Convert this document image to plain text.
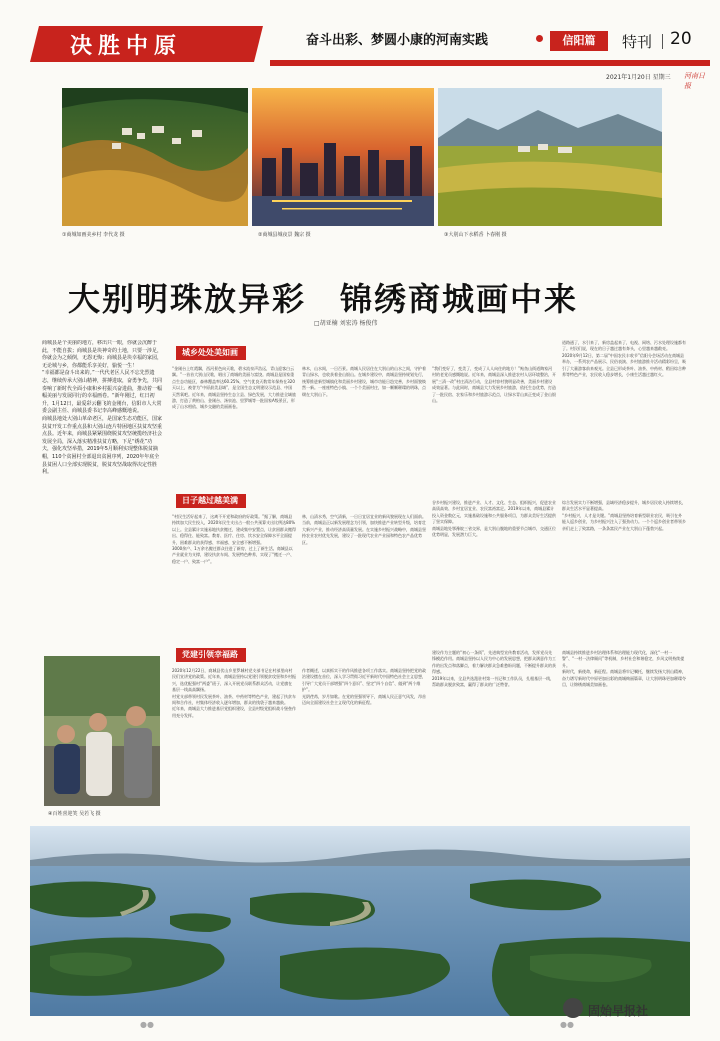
决胜中原	奋斗出彩、梦圆小康的河南实践	信阳篇	特刊 20
2021年1月20日 星期三 河南日报
①商城如画美乡村 李代龙 摄	②商城县城夜景 魏宗 摄	③大别山下水稻香 卜春刚 摄
大别明珠放异彩　锦绣商城画中来
□胡亚楠 刘宏涛 杨俊伟
商城县是个美丽的地方，移出只一眼，你就会沉醉于此，不能自拔；商城县是块神奇的土地，只要一涉足，你就会为之倾倒，无怨无悔；商城县是块幸福的家园，无论城与乡，你都能乐享美好，愉悦一生！
“幸福都是奋斗出来的。”一代代老区人民不忘先烈遗志，继续传承大别山精神，拼搏进取，奋勇争先，共同奏响了新时代全面小康和乡村振兴奋进曲，推动着一幅幅美丽与发展同行的幸福画卷。“新年刚过，红日初升，1月12日，最爱彩云翻飞的金刚台，信阳市人大常委会副主任、商城县委书记李高峰感慨地说。
商城县地处大别山革命老区，是国家生态功能区，国家扶贫开发工作重点县和大别山连片特困地区扶贫攻坚重点县。近年来，商城县紧紧围绕脱贫攻坚统揽经济社会发展全局，深入落实精准扶贫方略，下足“绣花”功夫，强化攻坚举措，2019年5月顺利实现整体脱贫摘帽，110个贫困村全部退出贫困序列，2020年年底全县贫困人口全部实现脱贫，脱贫攻坚战取得决定性胜利。
城乡处处美如画
“金刚台上红霞飘，西河景色向天歌，碧水流泉声浩远，青山迎客白云飘。”一首首大别山民歌，唱出了商城的美丽与富饶。商城县是国家重点生态功能区，森林覆盖率达60.25%，空气优良天数常年保持在320天以上，被誉为“中原最美县域”，是全国生态文明建设示范县、中国天然氧吧。近年来，商城县坚持生态立县、绿色发展，大力推进全域旅游，打造了黄柏山、金刚台、汤泉池、里罗城等一批国家A级景区，形成了山水相依、城乡交融的美丽画卷。
林木，山水间，一日百景。商城人民居住在大别山的山水之间，守护着青山绿水，也收获着金山银山。在城乡建设中，商城县坚持规划先行，统筹推进新型城镇化和美丽乡村建设，城市功能日趋完善，乡村面貌焕然一新。一座座特色小镇、一个个美丽村庄，如一颗颗璀璨的明珠，点缀在大别山下。
“我们变好了，变美了，变成了人人向往的地方！”鲇鱼山街道陶家河村的老党员感慨地说。近年来，商城县深入推进农村人居环境整治，开展“三清一改”村庄清洁行动，全县村容村貌明显改善，美丽乡村建设成效显著。与此同时，商城县大力发展乡村旅游，依托生态优势，打造了一批民宿、农家乐和乡村旅游示范点，让绿水青山真正变成了金山银山。
道路通了，水引来了，新房盖起来了，电视、网络、污水处理设施都有了。村民们说，现在的日子越过越有奔头，心里越来越敞亮。
2020年9月12日，第二届“中国农民丰收节”信阳分会场活动在商城县举办，一系列农产品展示、民俗表演、乡村旅游推介活动精彩纷呈，吸引了大量游客前来观光。全县已形成茶叶、油茶、中药材、稻田综合种养等特色产业，农民收入稳步增长，小康生活越过越红火。
日子越过越美满
“村民生活好起来了，这离不开党和政府的好政策。”据了解，商城县持续加大民生投入，2020年民生支出占一般公共预算支出比例达80%以上。全县累计实施易地扶贫搬迁，建成集中安置点，让贫困群众搬得出、稳得住、能致富。教育、医疗、住房、饮水安全保障水平全面提升，困难群众的获得感、幸福感、安全感不断增强。
3000余户、1万余名搬迁群众住进了新房，过上了新生活。商城县以产业就业为支撑，建设扶贫车间、发展特色种养，实现了“搬迁一户、稳定一户、致富一户”。
林，山清水秀，空气清新，一日日宜居宜业的新风貌展现在人们面前。当前，商城县正以新发展理念为引领，加快推进产业转型升级，培育壮大新兴产业，推动经济高质量发展。在实施乡村振兴战略中，商城县坚持农业农村优先发展，建设了一批现代农业产业园和特色农产品优势区。
谷乡村振兴建设，推进产业、人才、文化、生态、组织振兴，促进农业高质高效、乡村宜居宜业、农民富裕富足。2019年以来，商城县累计投入资金数亿元，实施基础设施和公共服务项目，为群众美好生活提供了坚实保障。
商城县地处鄂豫皖三省交界，是大别山腹地的重要节点城市，交通区位优势明显，发展潜力巨大。
综合发展实力不断增强，县域经济稳步提升，城乡居民收入持续增长，群众生活水平显著提高。
“乡村振兴，人才是关键。”商城县坚持培育新型职业农民，吸引在外能人返乡创业，为乡村振兴注入了强劲动力。一个个返乡创业者带领乡亲们走上了致富路，一条条富民产业在大别山下蓬勃兴起。
④百姓喜迎笑 吴若飞 摄
党建引领幸福路
2020年12月22日，商城县伏山乡里罗城村党支部书记在村部里向村民们宣讲党的政策。近年来，商城县坚持以党建引领脱贫攻坚和乡村振兴，选优配强村“两委”班子，深入开展党员联系群众活动，让党旗在基层一线高高飘扬。
村党支部带领村民发展茶叶、油茶、中药材等特色产业，建起了扶贫车间和合作社，村集体经济收入逐年增加，群众的钱袋子越来越鼓。
近年来，商城县大力推进基层党组织建设，全县村级党组织战斗堡垒作用充分发挥。
作者概述，以真抓实干的作风推进各项工作落实。商城县坚持把党的政治建设摆在首位，深入学习贯彻习近平新时代中国特色社会主义思想，引导广大党员干部增强“四个意识”、坚定“四个自信”、做到“两个维护”。
光阴荏苒，岁月如歌。在党的坚强领导下，商城人民正意气风发，昂首迈向全面建设社会主义现代化的新征程。
建设作为主题的“初心一条街”，先进典型宣传教育活动，发挥党员先锋模范作用。商城县坚持以人民为中心的发展思想，把群众满意作为工作的出发点和落脚点，着力解决群众急难愁盼问题，不断提升群众的获得感。
2019年以来，全县共选派驻村第一书记和工作队员，扎根基层一线，帮助群众脱贫致富，赢得了群众的广泛赞誉。
商城县持续推进乡村治理体系和治理能力现代化，深化“一村一警”、“一村一法律顾问”等机制，乡村社会和谐稳定，乡风文明持续提升。
新时代，新使命，新征程。商城县将牢记嘱托，继续发扬大别山精神，奋力谱写新时代中原更加出彩的商城绚丽篇章，让大别明珠更加璀璨夺目，让锦绣商城美如画卷。
固始早报社
●●	●●
